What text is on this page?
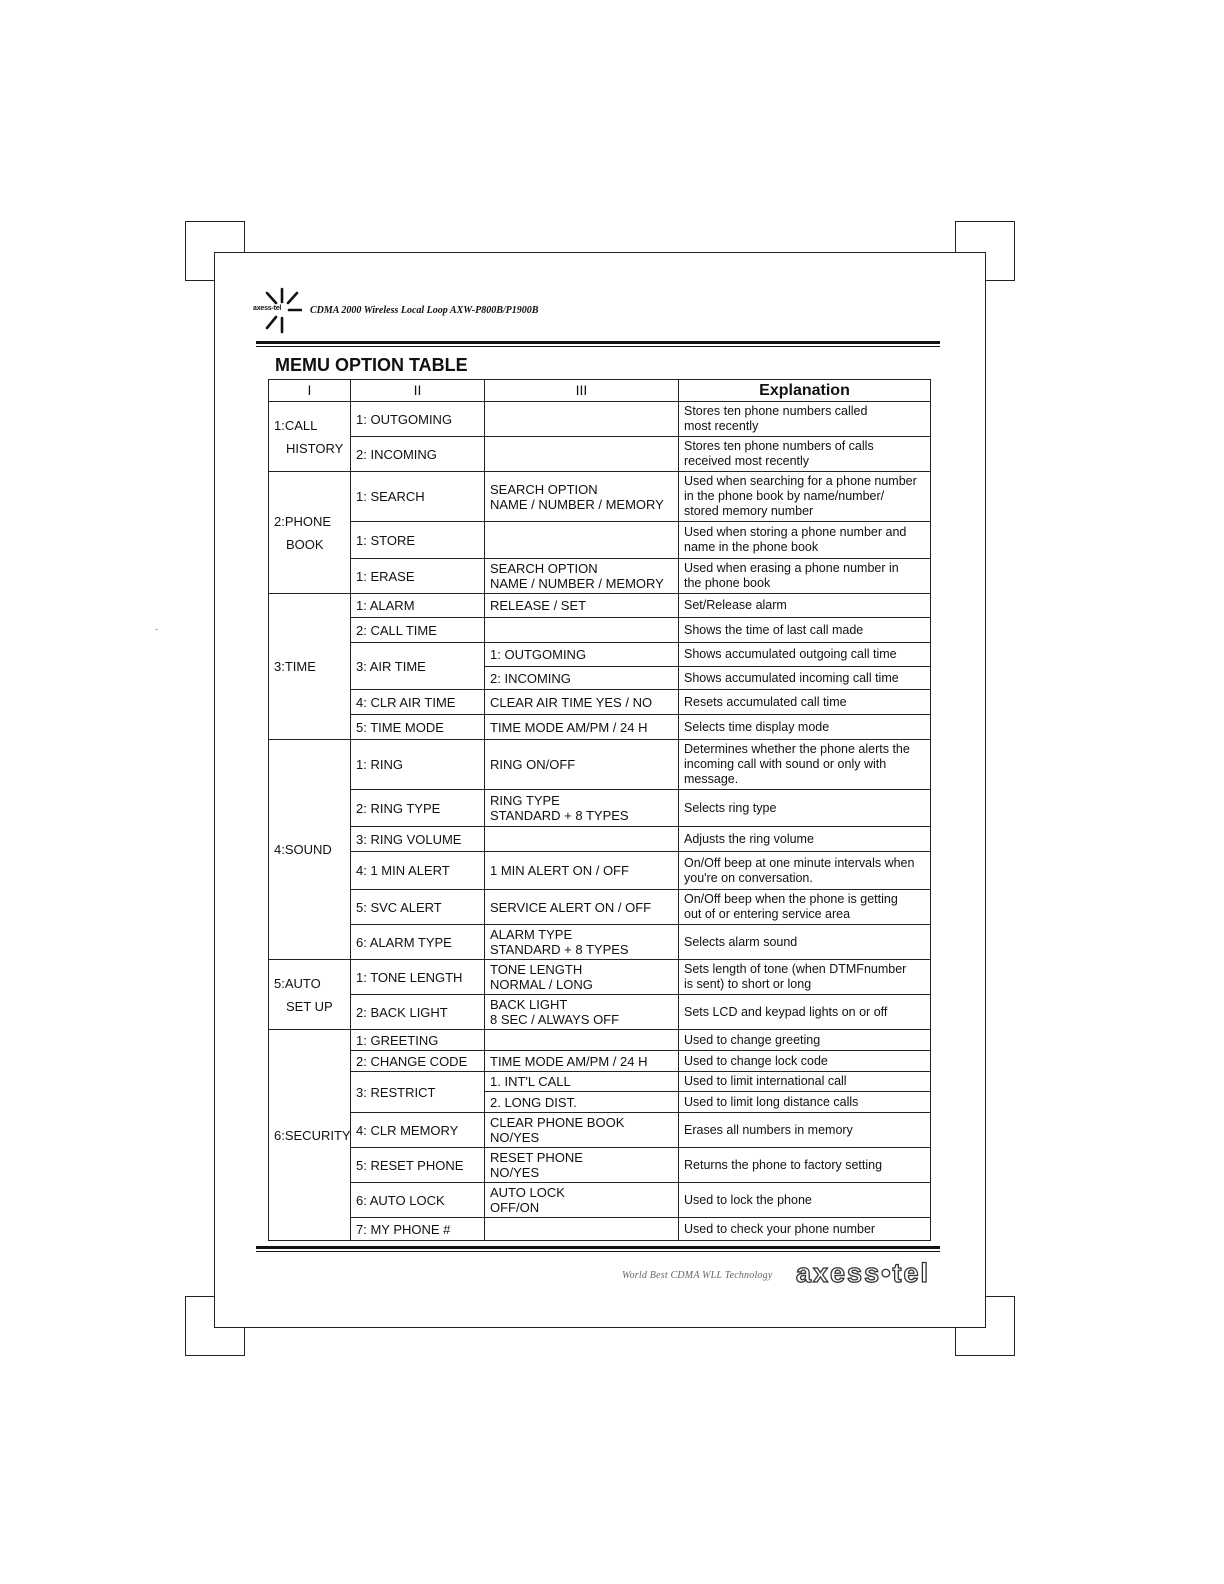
axess-tel	CDMA 2000 Wireless Local Loop AXW-P800B/P1900B
MEMU OPTION TABLE
I	II	III	Explanation

1:CALL
HISTORY	1: OUTGOMING		Stores ten phone numbers called
most recently

	2: INCOMING		Stores ten phone numbers of calls
received most recently

2:PHONE
BOOK	1: SEARCH	SEARCH OPTION
NAME / NUMBER / MEMORY	Used when searching for a phone number
in the phone book by name/number/
stored memory number

	1: STORE		Used when storing a phone number and
name in the phone book

	1: ERASE	SEARCH OPTION
NAME / NUMBER / MEMORY	Used when erasing a phone number in
the phone book

3:TIME	1: ALARM	RELEASE / SET	Set/Release alarm

	2: CALL TIME		Shows the time of last call made

	3: AIR TIME	1: OUTGOMING	Shows accumulated outgoing call time

		2: INCOMING	Shows accumulated incoming call time

	4: CLR AIR TIME	CLEAR AIR TIME YES / NO	Resets accumulated call time

	5: TIME MODE	TIME MODE AM/PM / 24 H	Selects time display mode

4:SOUND	1: RING	RING ON/OFF	Determines whether the phone alerts the
incoming call with sound or only with
message.

	2: RING TYPE	RING TYPE
STANDARD + 8 TYPES	Selects ring type

	3: RING VOLUME		Adjusts the ring volume

	4: 1 MIN ALERT	1 MIN ALERT ON / OFF	On/Off beep at one minute intervals when
you're on conversation.

	5: SVC ALERT	SERVICE ALERT ON / OFF	On/Off beep when the phone is getting
out of or entering service area

	6: ALARM TYPE	ALARM TYPE
STANDARD + 8 TYPES	Selects alarm sound

5:AUTO
SET UP	1: TONE LENGTH	TONE LENGTH
NORMAL / LONG	Sets length of tone (when DTMFnumber
is sent) to short or long

	2: BACK LIGHT	BACK LIGHT
8 SEC / ALWAYS OFF	Sets LCD and keypad lights on or off

6:SECURITY	1: GREETING		Used to change greeting

	2: CHANGE CODE	TIME MODE AM/PM / 24 H	Used to change lock code

	3: RESTRICT	1. INT'L CALL	Used to limit international call

		2. LONG DIST.	Used to limit long distance calls

	4: CLR MEMORY	CLEAR PHONE BOOK
NO/YES	Erases all numbers in memory

	5: RESET PHONE	RESET PHONE
NO/YES	Returns the phone to factory setting

	6: AUTO LOCK	AUTO LOCK
OFF/ON	Used to lock the phone

	7: MY PHONE #		Used to check your phone number
World Best CDMA WLL Technology axess•tel
-
